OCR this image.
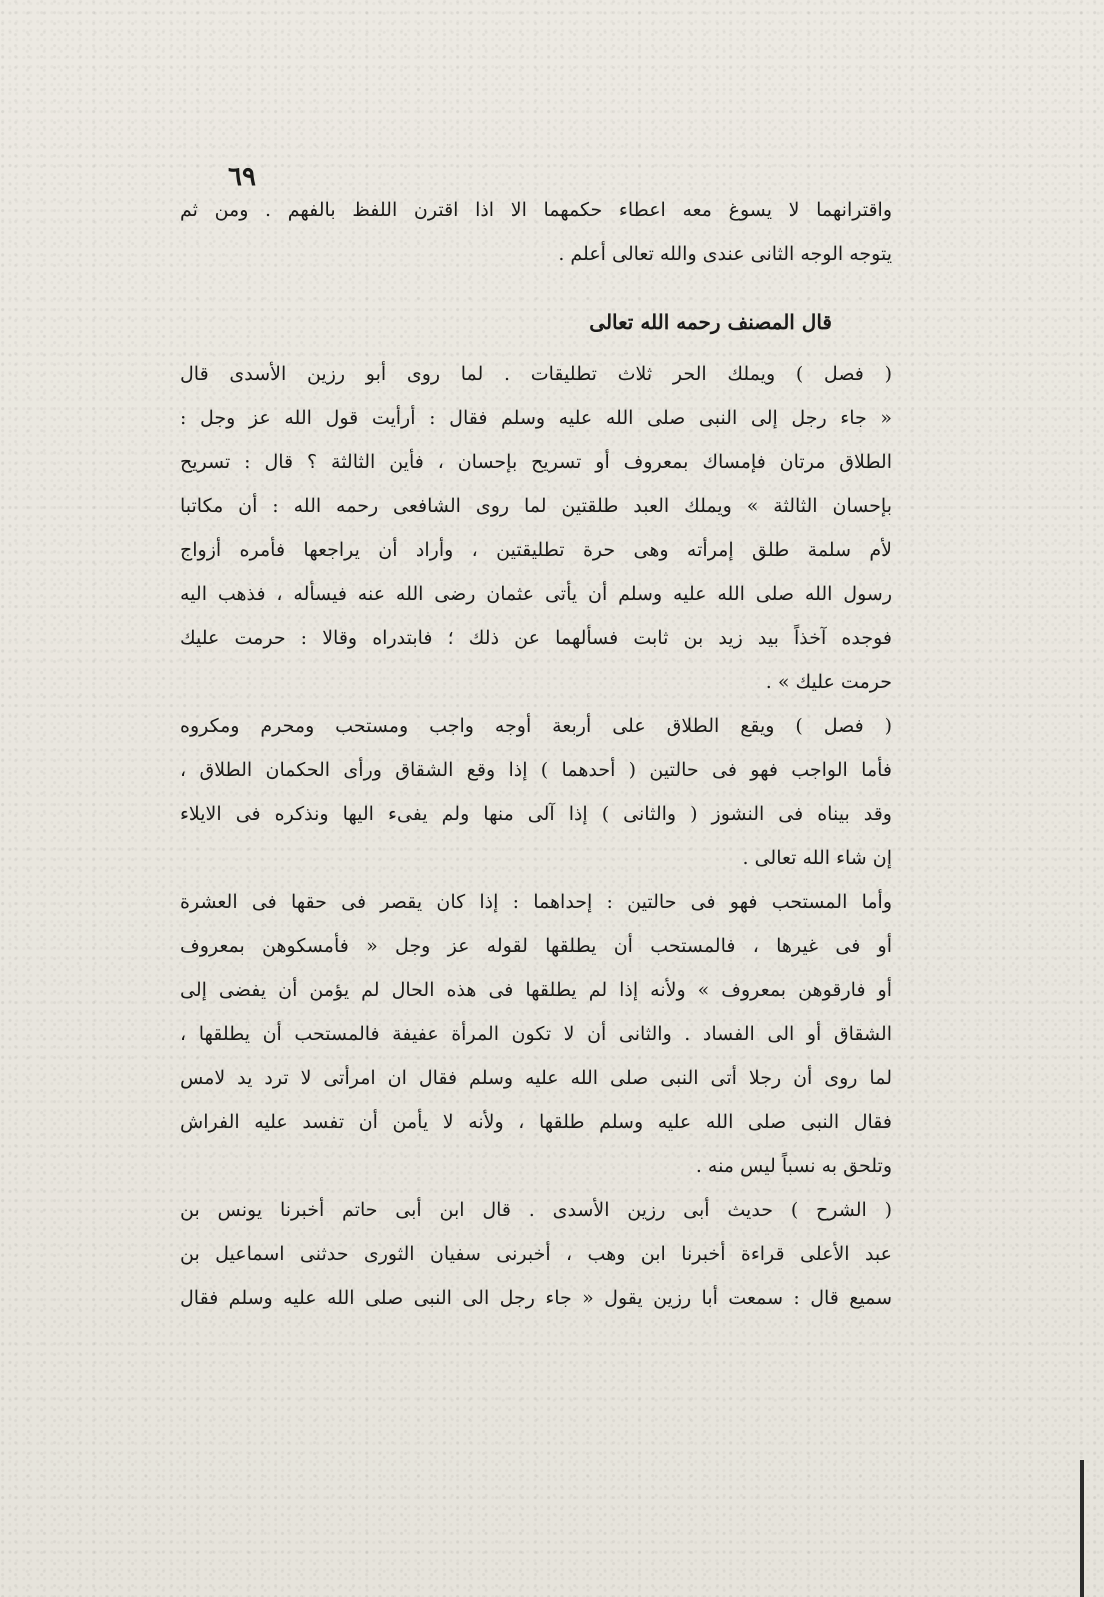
٦٩
واقترانهما لا يسوغ معه اعطاء حكمهما الا اذا اقترن اللفظ بالفهم . ومن ثم
يتوجه الوجه الثانى عندى والله تعالى أعلم .
قال المصنف رحمه الله تعالى
( فصل ) ويملك الحر ثلاث تطليقات . لما روى أبو رزين الأسدى قال
« جاء رجل إلى النبى صلى الله عليه وسلم فقال : أرأيت قول الله عز وجل :
الطلاق مرتان فإمساك بمعروف أو تسريح بإحسان ، فأين الثالثة ؟ قال : تسريح
بإحسان الثالثة » ويملك العبد طلقتين لما روى الشافعى رحمه الله : أن مكاتبا
لأم سلمة طلق إمرأته وهى حرة تطليقتين ، وأراد أن يراجعها فأمره أزواج
رسول الله صلى الله عليه وسلم أن يأتى عثمان رضى الله عنه فيسأله ، فذهب اليه
فوجده آخذاً بيد زيد بن ثابت فسألهما عن ذلك ؛ فابتدراه وقالا : حرمت عليك
حرمت عليك » .
( فصل ) ويقع الطلاق على أربعة أوجه واجب ومستحب ومحرم ومكروه
فأما الواجب فهو فى حالتين ( أحدهما ) إذا وقع الشقاق ورأى الحكمان الطلاق ،
وقد بيناه فى النشوز ( والثانى ) إذا آلى منها ولم يفىء اليها ونذكره فى الايلاء
إن شاء الله تعالى .
وأما المستحب فهو فى حالتين : إحداهما : إذا كان يقصر فى حقها فى العشرة
أو فى غيرها ، فالمستحب أن يطلقها لقوله عز وجل « فأمسكوهن بمعروف
أو فارقوهن بمعروف » ولأنه إذا لم يطلقها فى هذه الحال لم يؤمن أن يفضى إلى
الشقاق أو الى الفساد . والثانى أن لا تكون المرأة عفيفة فالمستحب أن يطلقها ،
لما روى أن رجلا أتى النبى صلى الله عليه وسلم فقال ان امرأتى لا ترد يد لامس
فقال النبى صلى الله عليه وسلم طلقها ، ولأنه لا يأمن أن تفسد عليه الفراش
وتلحق به نسباً ليس منه .
( الشرح ) حديث أبى رزين الأسدى . قال ابن أبى حاتم أخبرنا يونس بن
عبد الأعلى قراءة أخبرنا ابن وهب ، أخبرنى سفيان الثورى حدثنى اسماعيل بن
سميع قال : سمعت أبا رزين يقول « جاء رجل الى النبى صلى الله عليه وسلم فقال
